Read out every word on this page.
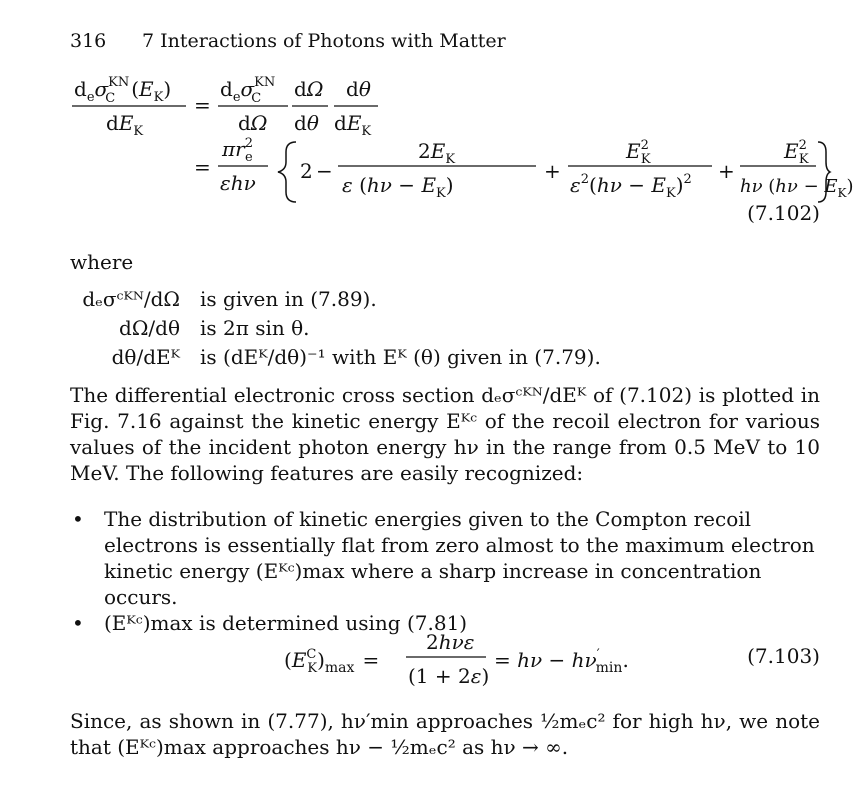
316 7 Interactions of Photons with Matter
$d_e\sigma^{KN}$ C $(E_K)$
$dE_K$
=
$d_e\sigma^{KN}$ C
dΩ
dΩ
dθ
dθ
$dE_K$
=
$\pi r^2$ e
εhν 2 −
$2E_K$
ε $(h\nu - E_K)$
+
$E^2$ K
$\varepsilon^2(h\nu - E_K)^2$ +
$E^2$ K
hν $(h\nu - E_K)$
(7.102)
where
dₑσᶜᴷᴺ/dΩ is given in (7.89).
dΩ/dθ is 2π sin θ.
dθ/dEᴷ is (dEᴷ/dθ)⁻¹ with Eᴷ (θ) given in (7.79).
The differential electronic cross section dₑσᶜᴷᴺ/dEᴷ of (7.102) is plotted in Fig. 7.16 against the kinetic energy Eᴷᶜ of the recoil electron for various values of the incident photon energy hν in the range from 0.5 MeV to 10 MeV. The following features are easily recognized:
• The distribution of kinetic energies given to the Compton recoil electrons is essentially flat from zero almost to the maximum electron kinetic energy (Eᴷᶜ)max where a sharp increase in concentration occurs.
• (Eᴷᶜ)max is determined using (7.81)
($E^C$ $K)_{max}$ =
2hνε
(1 + 2ε)
= hν − hν′ min.	(7.103)
Since, as shown in (7.77), hν′min approaches ½mₑc² for high hν, we note that (Eᴷᶜ)max approaches hν − ½mₑc² as hν → ∞.
